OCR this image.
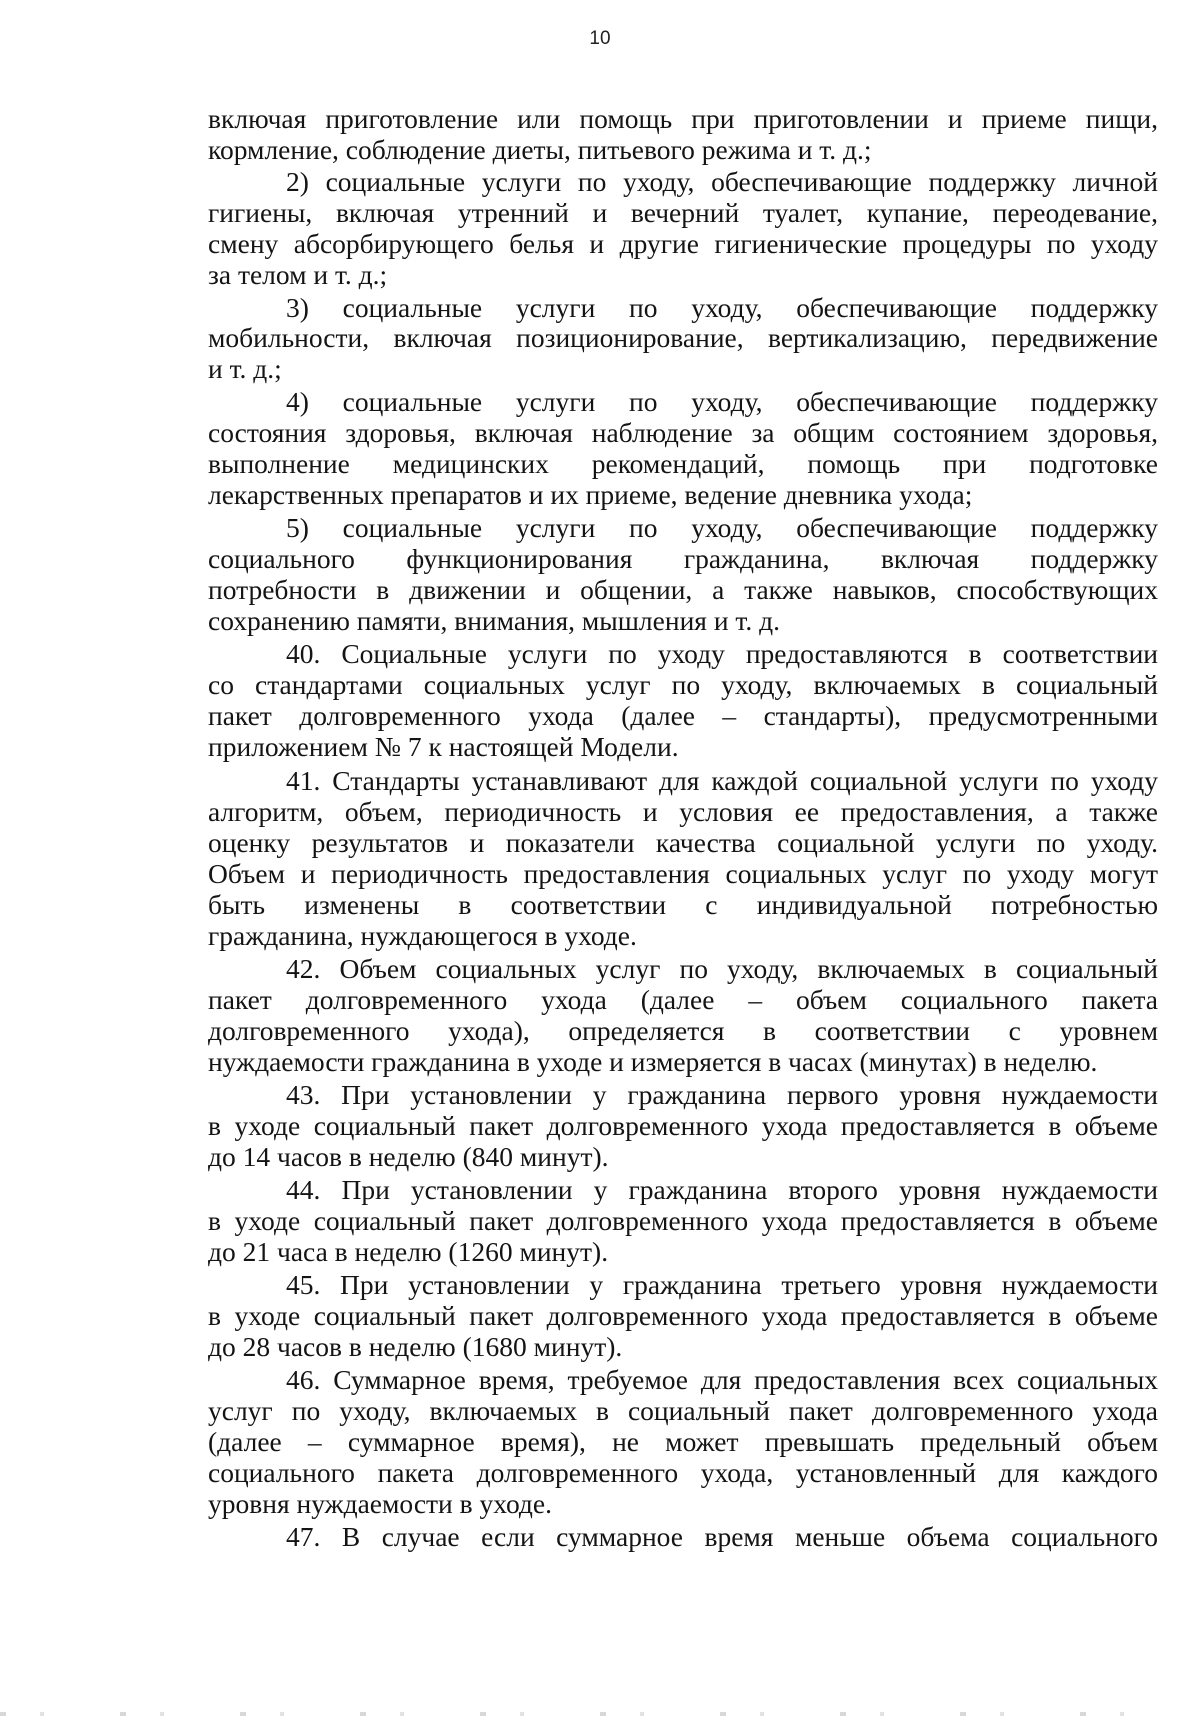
10
включая приготовление или помощь при приготовлении и приеме пищи,
кормление, соблюдение диеты, питьевого режима и т. д.;
2) социальные услуги по уходу, обеспечивающие поддержку личной
гигиены, включая утренний и вечерний туалет, купание, переодевание,
смену абсорбирующего белья и другие гигиенические процедуры по уходу
за телом и т. д.;
3) социальные услуги по уходу, обеспечивающие поддержку
мобильности, включая позиционирование, вертикализацию, передвижение
и т. д.;
4) социальные услуги по уходу, обеспечивающие поддержку
состояния здоровья, включая наблюдение за общим состоянием здоровья,
выполнение медицинских рекомендаций, помощь при подготовке
лекарственных препаратов и их приеме, ведение дневника ухода;
5) социальные услуги по уходу, обеспечивающие поддержку
социального функционирования гражданина, включая поддержку
потребности в движении и общении, а также навыков, способствующих
сохранению памяти, внимания, мышления и т. д.
40. Социальные услуги по уходу предоставляются в соответствии
со стандартами социальных услуг по уходу, включаемых в социальный
пакет долговременного ухода (далее – стандарты), предусмотренными
приложением № 7 к настоящей Модели.
41. Стандарты устанавливают для каждой социальной услуги по уходу
алгоритм, объем, периодичность и условия ее предоставления, а также
оценку результатов и показатели качества социальной услуги по уходу.
Объем и периодичность предоставления социальных услуг по уходу могут
быть изменены в соответствии с индивидуальной потребностью
гражданина, нуждающегося в уходе.
42. Объем социальных услуг по уходу, включаемых в социальный
пакет долговременного ухода (далее – объем социального пакета
долговременного ухода), определяется в соответствии с уровнем
нуждаемости гражданина в уходе и измеряется в часах (минутах) в неделю.
43. При установлении у гражданина первого уровня нуждаемости
в уходе социальный пакет долговременного ухода предоставляется в объеме
до 14 часов в неделю (840 минут).
44. При установлении у гражданина второго уровня нуждаемости
в уходе социальный пакет долговременного ухода предоставляется в объеме
до 21 часа в неделю (1260 минут).
45. При установлении у гражданина третьего уровня нуждаемости
в уходе социальный пакет долговременного ухода предоставляется в объеме
до 28 часов в неделю (1680 минут).
46. Суммарное время, требуемое для предоставления всех социальных
услуг по уходу, включаемых в социальный пакет долговременного ухода
(далее – суммарное время), не может превышать предельный объем
социального пакета долговременного ухода, установленный для каждого
уровня нуждаемости в уходе.
47. В случае если суммарное время меньше объема социального
